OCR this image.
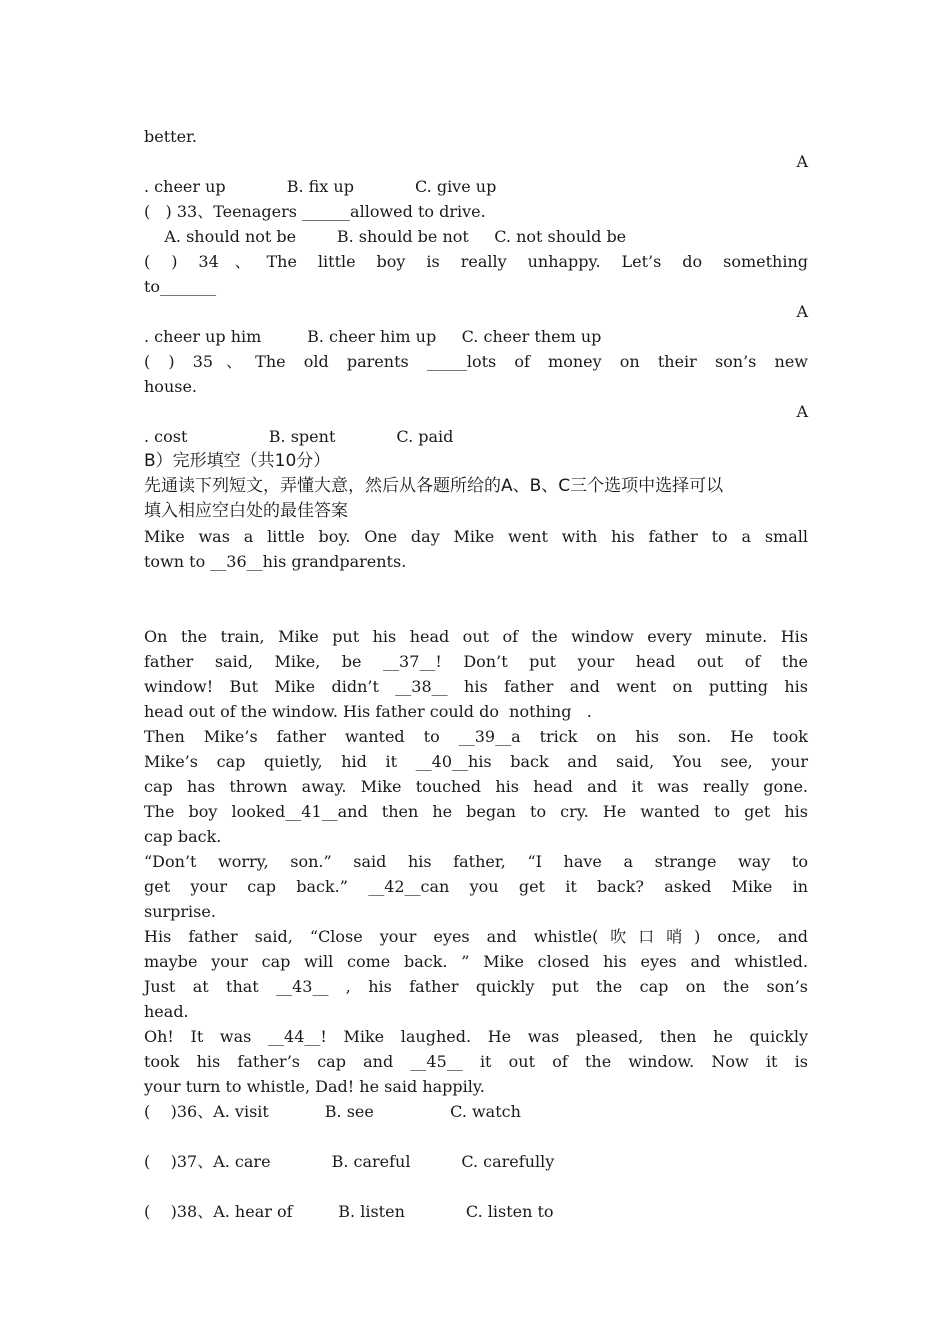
better.
A
. cheer up            B. fix up            C. give up
(   ) 33、Teenagers ______allowed to drive.
A. should not be        B. should be not     C. not should be
( ) 34、The little boy is really unhappy. Let’s do something
to_______
A
. cheer up him         B. cheer him up     C. cheer them up
( ) 35、The old parents _____lots of money on their son’s new
house.
A
. cost                B. spent            C. paid
B）完形填空（共10分）
先通读下列短文，弄懂大意，然后从各题所给的A、B、C三个选项中选择可以
填入相应空白处的最佳答案
Mike was a little boy. One day Mike went with his father to a small
town to __36__his grandparents.
On the train, Mike put his head out of the window every minute. His
father said, Mike, be __37__! Don’t put your head out of the
window! But Mike didn’t __38__ his father and went on putting his
head out of the window. His father could do  nothing   .
Then Mike’s father wanted to __39__a trick on his son. He took
Mike’s cap quietly, hid it __40__his back and said, You see, your
cap has thrown away. Mike touched his head and it was really gone.
The boy looked__41__and then he began to cry. He wanted to get his
cap back.
“Don’t worry, son.” said his father, “I have a strange way to
get your cap back.” __42__can you get it back? asked Mike in
surprise.
His father said, “Close your eyes and whistle(吹口哨) once, and
maybe your cap will come back. ” Mike closed his eyes and whistled.
Just at that __43__ , his father quickly put the cap on the son’s
head.
Oh! It was __44__! Mike laughed. He was pleased, then he quickly
took his father’s cap and __45__ it out of the window. Now it is
your turn to whistle, Dad! he said happily.
(    )36、A. visit           B. see               C. watch
(    )37、A. care            B. careful          C. carefully
(    )38、A. hear of         B. listen            C. listen to
